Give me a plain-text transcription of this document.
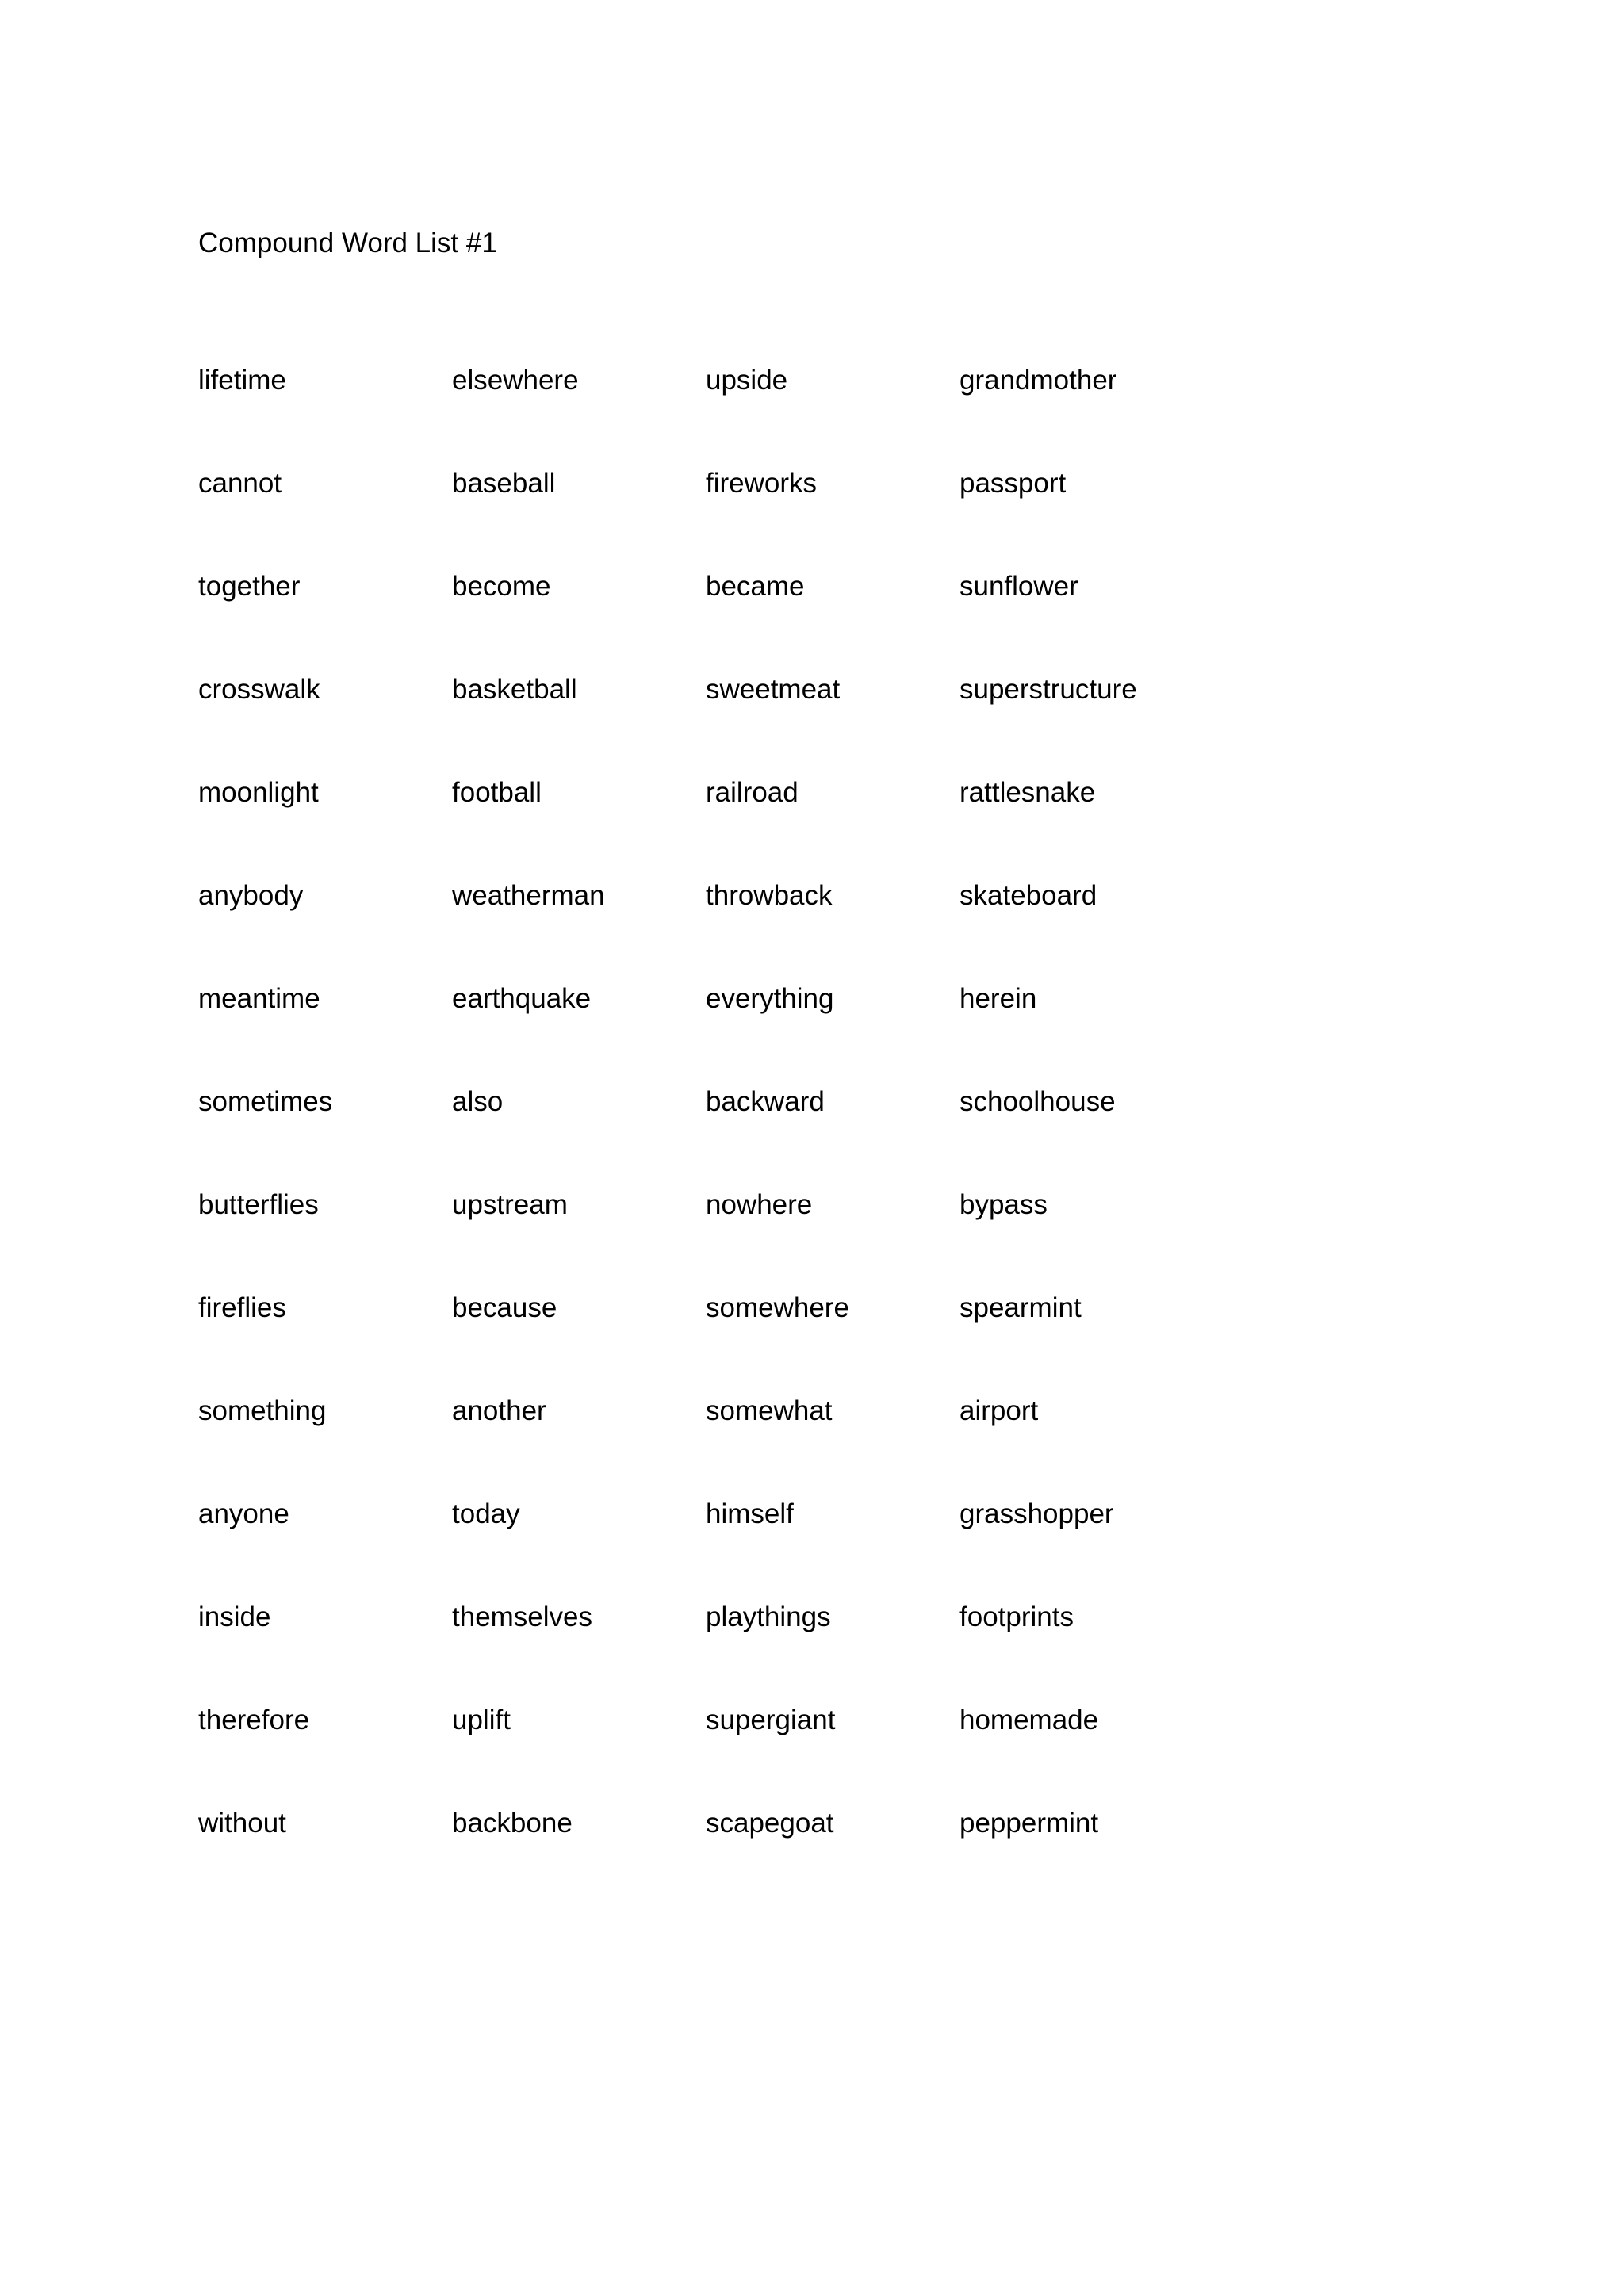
Compound Word List #1
lifetime	elsewhere	upside	grandmother
cannot	baseball	fireworks	passport
together	become	became	sunflower
crosswalk	basketball	sweetmeat	superstructure
moonlight	football	railroad	rattlesnake
anybody	weatherman	throwback	skateboard
meantime	earthquake	everything	herein
sometimes	also	backward	schoolhouse
butterflies	upstream	nowhere	bypass
fireflies	because	somewhere	spearmint
something	another	somewhat	airport
anyone	today	himself	grasshopper
inside	themselves	playthings	footprints
therefore	uplift	supergiant	homemade
without	backbone	scapegoat	peppermint
